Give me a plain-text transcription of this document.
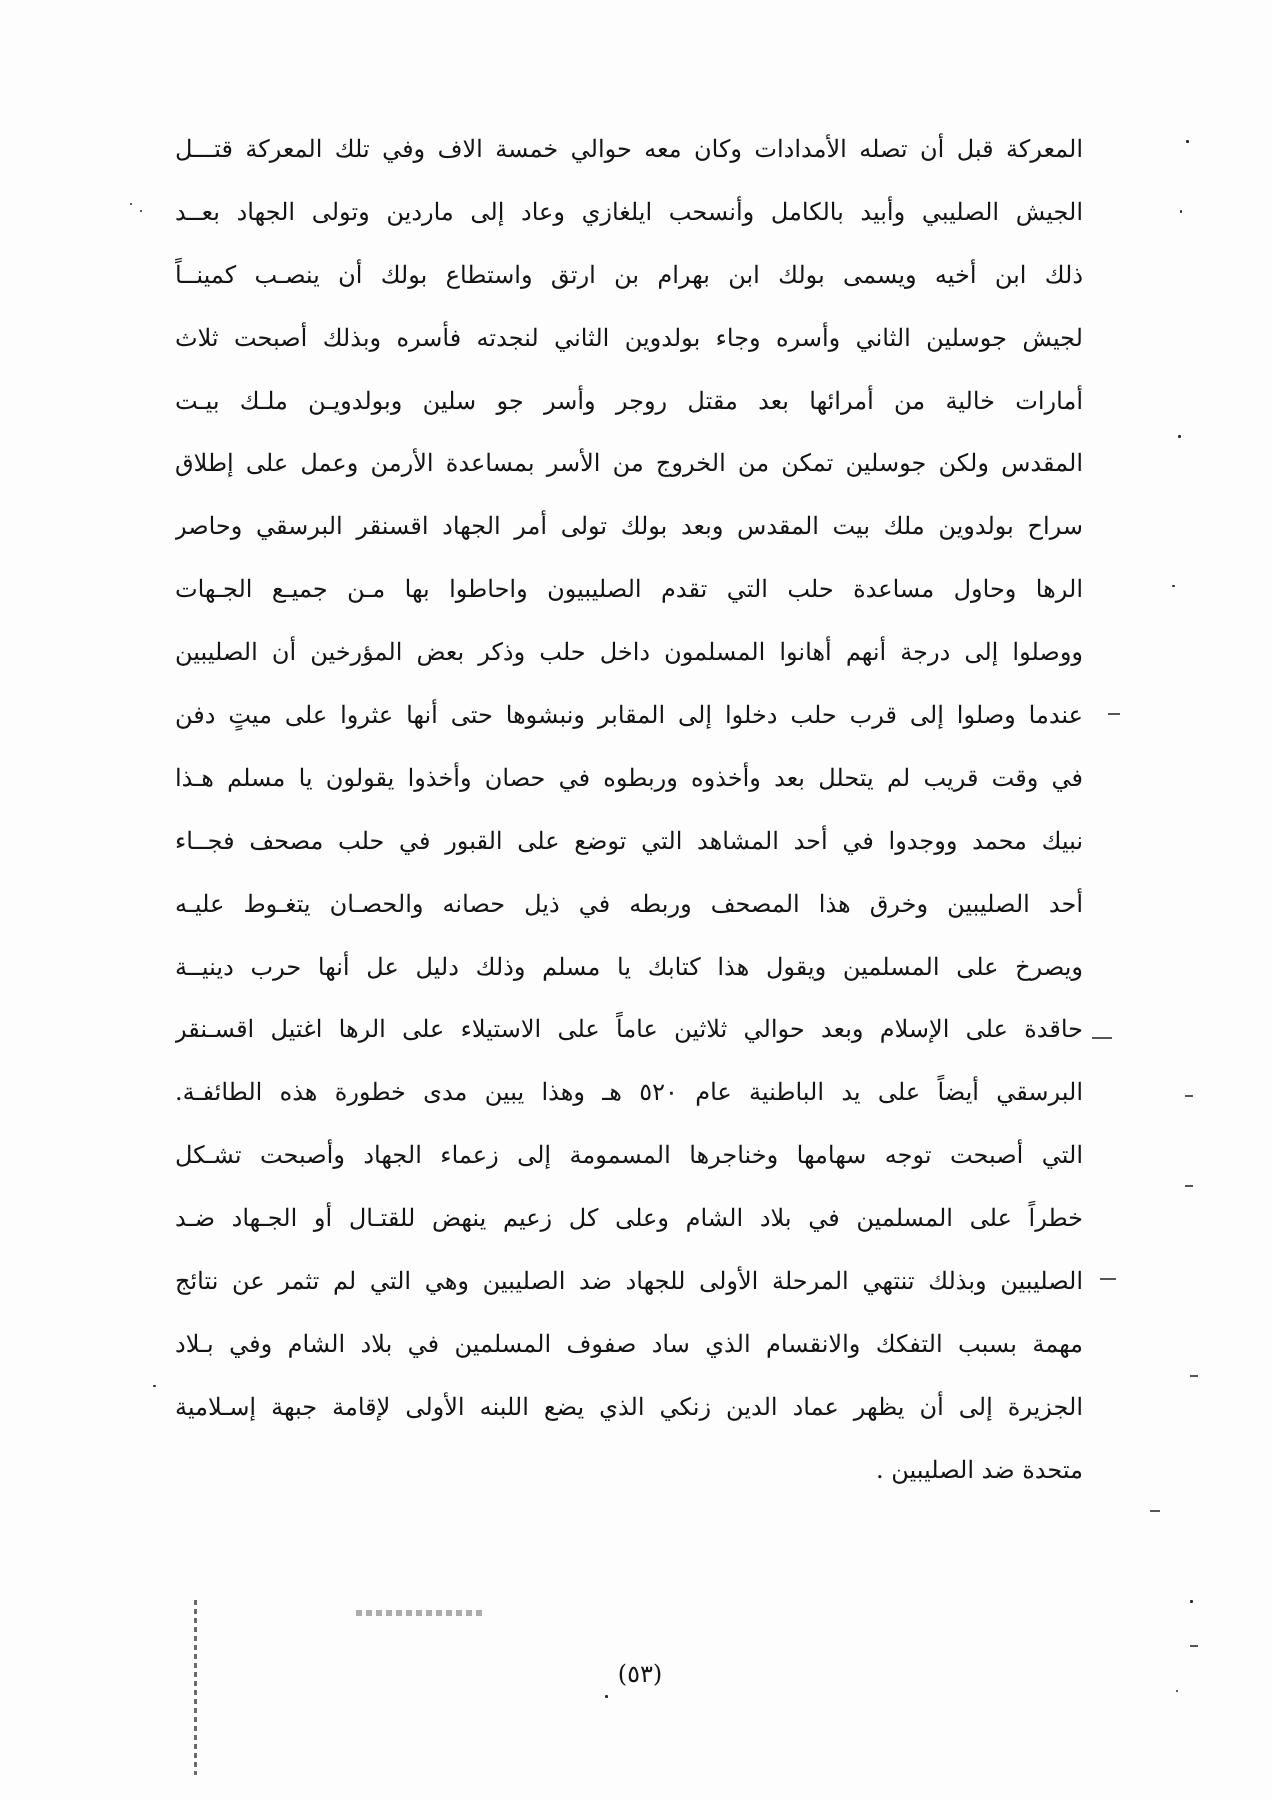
المعركة قبل أن تصله الأمدادات وكان معه حوالي خمسة الاف وفي تلك المعركة قتـــل
الجيش الصليبي وأبيد بالكامل وأنسحب ايلغازي وعاد إلى ماردين وتولى الجهاد بعــد
ذلك ابن أخيه ويسمى بولك ابن بهرام بن ارتق واستطاع بولك أن ينصـب كمينــاً
لجيش جوسلين الثاني وأسره وجاء بولدوين الثاني لنجدته فأسره وبذلك أصبحت ثلاث
أمارات خالية من أمرائها بعد مقتل روجر وأسر جو سلين وبولدويـن ملـك بيـت
المقدس ولكن جوسلين تمكن من الخروج من الأسر بمساعدة الأرمن وعمل على إطلاق
سراح بولدوين ملك بيت المقدس وبعد بولك تولى أمر الجهاد اقسنقر البرسقي وحاصر
الرها وحاول مساعدة حلب التي تقدم الصليبيون واحاطوا بها مـن جميـع الجـهات
ووصلوا إلى درجة أنهم أهانوا المسلمون داخل حلب وذكر بعض المؤرخين أن الصليبين
عندما وصلوا إلى قرب حلب دخلوا إلى المقابر ونبشوها حتى أنها عثروا على ميتٍ دفن
في وقت قريب لم يتحلل بعد وأخذوه وربطوه في حصان وأخذوا يقولون يا مسلم هـذا
نبيك محمد ووجدوا في أحد المشاهد التي توضع على القبور في حلب مصحف فجــاء
أحد الصليبين وخرق هذا المصحف وربطه في ذيل حصانه والحصـان يتغـوط عليـه
ويصرخ على المسلمين ويقول هذا كتابك يا مسلم وذلك دليل عل أنها حرب دينيــة
حاقدة على الإسلام وبعد حوالي ثلاثين عاماً على الاستيلاء على الرها اغتيل اقسـنقر
البرسقي أيضاً على يد الباطنية عام ٥٢٠ هـ وهذا يبين مدى خطورة هذه الطائفـة.
التي أصبحت توجه سهامها وخناجرها المسمومة إلى زعماء الجهاد وأصبحت تشـكل
خطراً على المسلمين في بلاد الشام وعلى كل زعيم ينهض للقتـال أو الجـهاد ضـد
الصليبين وبذلك تنتهي المرحلة الأولى للجهاد ضد الصليبين وهي التي لم تثمر عن نتائج
مهمة بسبب التفكك والانقسام الذي ساد صفوف المسلمين في بلاد الشام وفي بـلاد
الجزيرة إلى أن يظهر عماد الدين زنكي الذي يضع اللبنه الأولى لإقامة جبهة إسـلامية
متحدة ضد الصليبين .
(٥٣)
